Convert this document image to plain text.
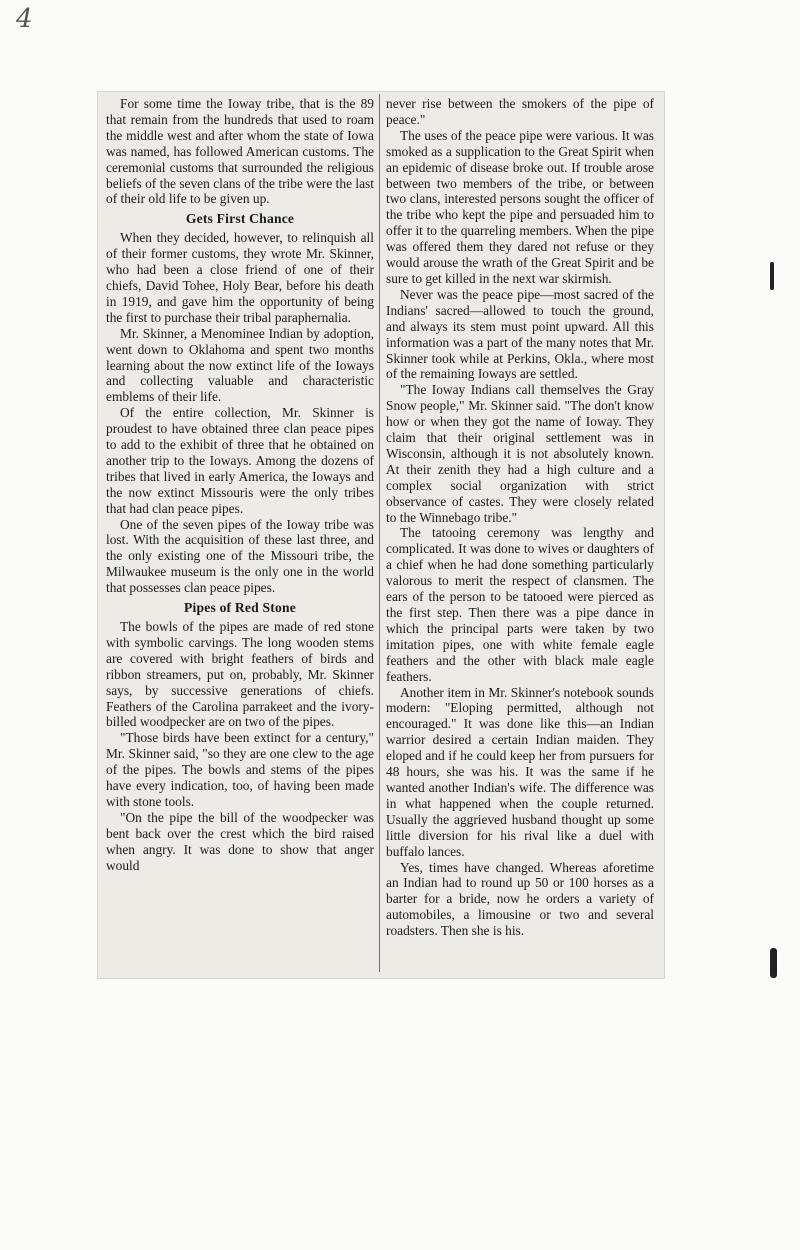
4

For some time the Ioway tribe, that is the 89 that remain from the hundreds that used to roam the middle west and after whom the state of Iowa was named, has followed American customs. The ceremonial customs that surrounded the religious beliefs of the seven clans of the tribe were the last of their old life to be given up.

Gets First Chance

When they decided, however, to relinquish all of their former customs, they wrote Mr. Skinner, who had been a close friend of one of their chiefs, David Tohee, Holy Bear, before his death in 1919, and gave him the opportunity of being the first to purchase their tribal paraphernalia.

Mr. Skinner, a Menominee Indian by adoption, went down to Oklahoma and spent two months learning about the now extinct life of the Ioways and collecting valuable and characteristic emblems of their life.

Of the entire collection, Mr. Skinner is proudest to have obtained three clan peace pipes to add to the exhibit of three that he obtained on another trip to the Ioways. Among the dozens of tribes that lived in early America, the Ioways and the now extinct Missouris were the only tribes that had clan peace pipes.

One of the seven pipes of the Ioway tribe was lost. With the acquisition of these last three, and the only existing one of the Missouri tribe, the Milwaukee museum is the only one in the world that possesses clan peace pipes.

Pipes of Red Stone

The bowls of the pipes are made of red stone with symbolic carvings. The long wooden stems are covered with bright feathers of birds and ribbon streamers, put on, probably, Mr. Skinner says, by successive generations of chiefs. Feathers of the Carolina parrakeet and the ivory-billed woodpecker are on two of the pipes.

"Those birds have been extinct for a century," Mr. Skinner said, "so they are one clew to the age of the pipes. The bowls and stems of the pipes have every indication, too, of having been made with stone tools.

"On the pipe the bill of the woodpecker was bent back over the crest which the bird raised when angry. It was done to show that anger would

never rise between the smokers of the pipe of peace."

The uses of the peace pipe were various. It was smoked as a supplication to the Great Spirit when an epidemic of disease broke out. If trouble arose between two members of the tribe, or between two clans, interested persons sought the officer of the tribe who kept the pipe and persuaded him to offer it to the quarreling members. When the pipe was offered them they dared not refuse or they would arouse the wrath of the Great Spirit and be sure to get killed in the next war skirmish.

Never was the peace pipe—most sacred of the Indians' sacred—allowed to touch the ground, and always its stem must point upward. All this information was a part of the many notes that Mr. Skinner took while at Perkins, Okla., where most of the remaining Ioways are settled.

"The Ioway Indians call themselves the Gray Snow people," Mr. Skinner said. "The don't know how or when they got the name of Ioway. They claim that their original settlement was in Wisconsin, although it is not absolutely known. At their zenith they had a high culture and a complex social organization with strict observance of castes. They were closely related to the Winnebago tribe."

The tatooing ceremony was lengthy and complicated. It was done to wives or daughters of a chief when he had done something particularly valorous to merit the respect of clansmen. The ears of the person to be tatooed were pierced as the first step. Then there was a pipe dance in which the principal parts were taken by two imitation pipes, one with white female eagle feathers and the other with black male eagle feathers.

Another item in Mr. Skinner's notebook sounds modern: "Eloping permitted, although not encouraged." It was done like this—an Indian warrior desired a certain Indian maiden. They eloped and if he could keep her from pursuers for 48 hours, she was his. It was the same if he wanted another Indian's wife. The difference was in what happened when the couple returned. Usually the aggrieved husband thought up some little diversion for his rival like a duel with buffalo lances.

Yes, times have changed. Whereas aforetime an Indian had to round up 50 or 100 horses as a barter for a bride, now he orders a variety of automobiles, a limousine or two and several roadsters. Then she is his.
